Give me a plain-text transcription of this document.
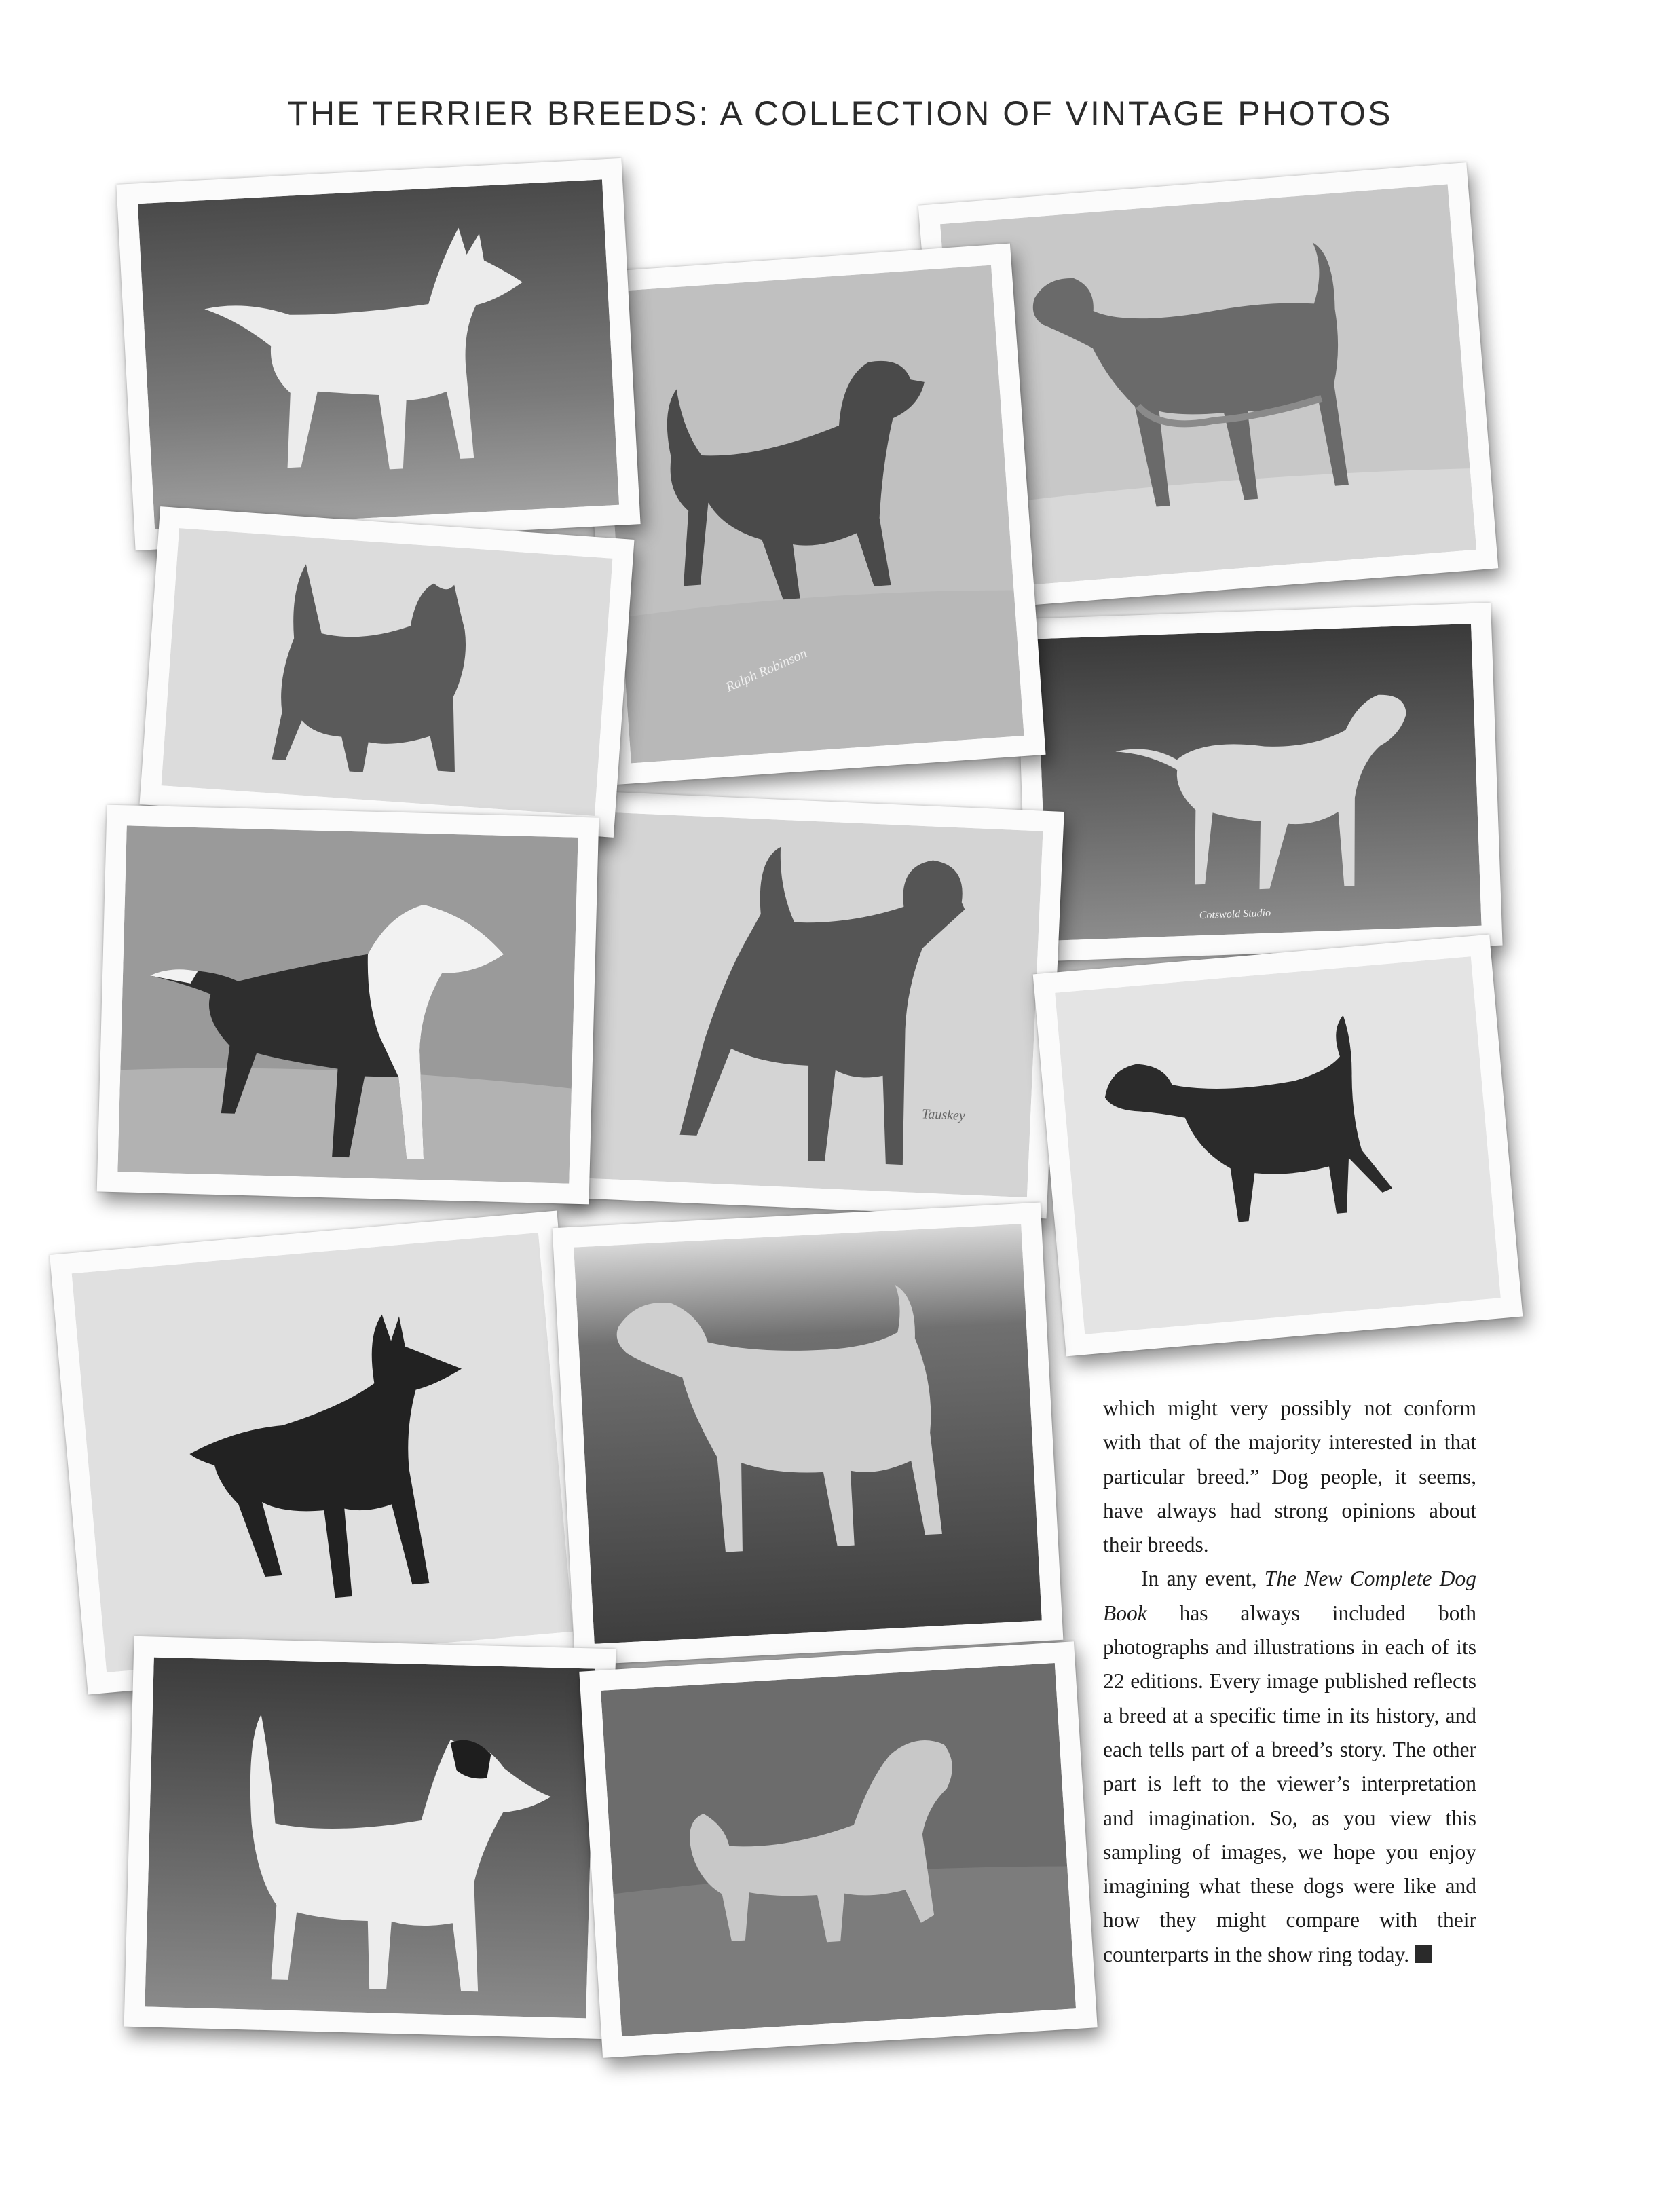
THE TERRIER BREEDS: A COLLECTION OF VINTAGE PHOTOS
Cotswold Studio
Tauskey
Ralph Robinson

which might very possibly not conform with that of the majority interested in that particular breed.” Dog people, it seems, have always had strong opinions about their breeds.

In any event, The New Complete Dog Book has always included both photographs and illustrations in each of its 22 editions. Every image published reflects a breed at a specific time in its history, and each tells part of a breed’s story. The other part is left to the viewer’s interpretation and imagination. So, as you view this sampling of images, we hope you enjoy imagining what these dogs were like and how they might compare with their counterparts in the show ring today.
